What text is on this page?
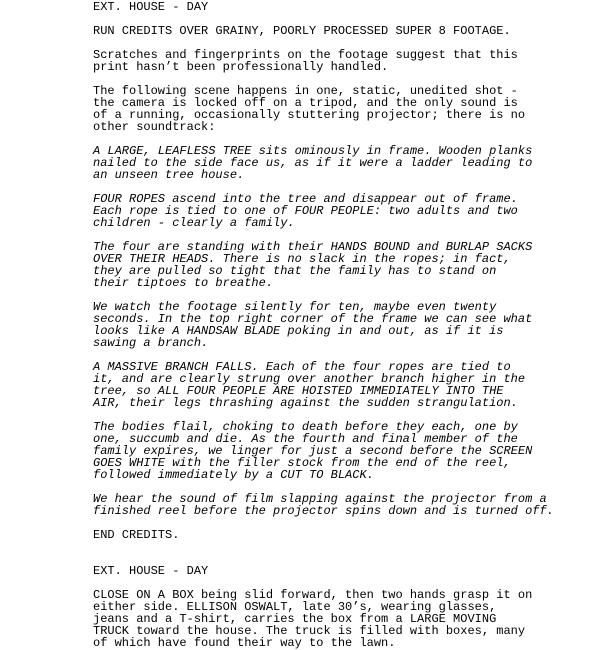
EXT. HOUSE - DAY

RUN CREDITS OVER GRAINY, POORLY PROCESSED SUPER 8 FOOTAGE.

Scratches and fingerprints on the footage suggest that this
print hasn’t been professionally handled.

The following scene happens in one, static, unedited shot -
the camera is locked off on a tripod, and the only sound is
of a running, occasionally stuttering projector; there is no
other soundtrack:

A LARGE, LEAFLESS TREE sits ominously in frame. Wooden planks
nailed to the side face us, as if it were a ladder leading to
an unseen tree house.

FOUR ROPES ascend into the tree and disappear out of frame.
Each rope is tied to one of FOUR PEOPLE: two adults and two
children - clearly a family.

The four are standing with their HANDS BOUND and BURLAP SACKS
OVER THEIR HEADS. There is no slack in the ropes; in fact,
they are pulled so tight that the family has to stand on
their tiptoes to breathe.

We watch the footage silently for ten, maybe even twenty
seconds. In the top right corner of the frame we can see what
looks like A HANDSAW BLADE poking in and out, as if it is
sawing a branch.

A MASSIVE BRANCH FALLS. Each of the four ropes are tied to
it, and are clearly strung over another branch higher in the
tree, so ALL FOUR PEOPLE ARE HOISTED IMMEDIATELY INTO THE
AIR, their legs thrashing against the sudden strangulation.

The bodies flail, choking to death before they each, one by
one, succumb and die. As the fourth and final member of the
family expires, we linger for just a second before the SCREEN
GOES WHITE with the filler stock from the end of the reel,
followed immediately by a CUT TO BLACK.

We hear the sound of film slapping against the projector from a
finished reel before the projector spins down and is turned off.

END CREDITS.

EXT. HOUSE - DAY

CLOSE ON A BOX being slid forward, then two hands grasp it on
either side. ELLISON OSWALT, late 30’s, wearing glasses,
jeans and a T-shirt, carries the box from a LARGE MOVING
TRUCK toward the house. The truck is filled with boxes, many
of which have found their way to the lawn.
